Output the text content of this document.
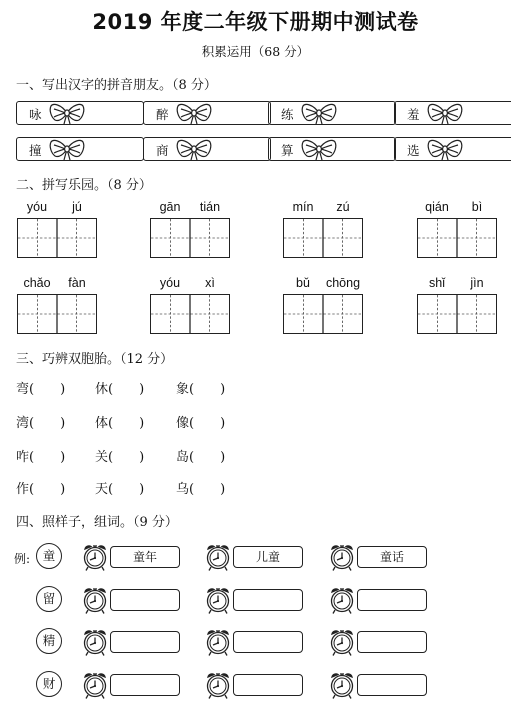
2019 年度二年级下册期中测试卷
积累运用（68 分）
一、写出汉字的拼音朋友。（8 分）
咏	醉	练	羞
撞	商	算	选
二、拼写乐园。（8 分）
yóu jú	gān tián	mín zú	qián bì
chǎo fàn	yóu xì	bǔ chōng	shǐ jìn
三、巧辨双胞胎。（12 分）
弯(　　) 休(　　) 象(　　)
湾(　　) 体(　　) 像(　　)
咋(　　) 关(　　) 岛(　　)
作(　　) 天(　　) 乌(　　)
四、照样子，组词。（9 分）
例:	童	童年	儿童	童话
留
精
财
